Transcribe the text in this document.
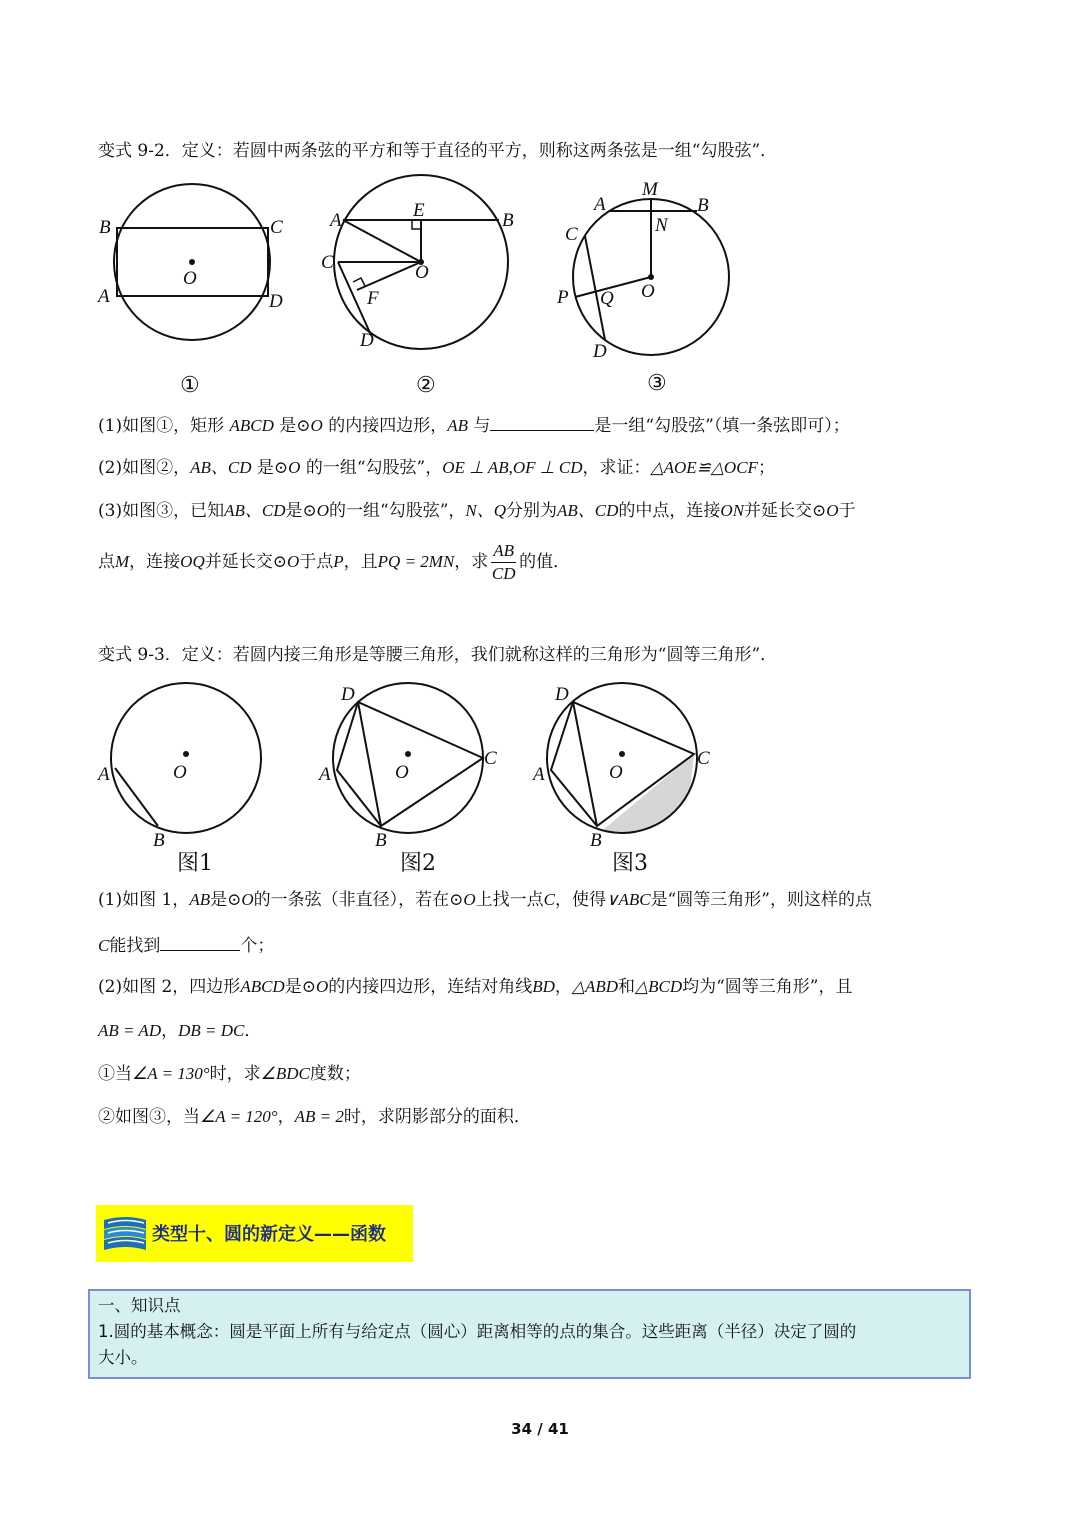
变式 9-2．定义：若圆中两条弦的平方和等于直径的平方，则称这两条弦是一组“勾股弦”．
B	C
A	D
O
①
A	E	B
C	O
F
D
②
A
M
B
N
C
P Q O
D
③
(1)如图①，矩形 ABCD 是⊙O 的内接四边形，AB 与	是一组“勾股弦”（填一条弦即可）；
(2)如图②，AB、CD 是⊙O 的一组“勾股弦”，OE ⊥ AB,OF ⊥ CD，求证：△AOE≌△OCF；
(3)如图③，已知AB、CD是⊙O的一组“勾股弦”，N、Q分别为AB、CD的中点，连接ON并延长交⊙O于
点M，连接OQ并延长交⊙O于点P，且PQ = 2MN，求 $\frac{AB}{CD}$ 的值．
变式 9-3．定义：若圆内接三角形是等腰三角形，我们就称这样的三角形为“圆等三角形”．
A
B
O
图1
D
A
B
C
O
图2
D
A
B
C
O
图3
(1)如图 1，AB是⊙O的一条弦（非直径），若在⊙O上找一点C，使得∨ABC是“圆等三角形”，则这样的点
C能找到	个；
(2)如图 2，四边形ABCD是⊙O的内接四边形，连结对角线BD，△ABD和△BCD均为“圆等三角形”，且
AB = AD，DB = DC．
①当∠A = 130°时，求∠BDC度数；
②如图③，当∠A = 120°，AB = 2时，求阴影部分的面积．
类型十、圆的新定义——函数

一、知识点

1.圆的基本概念：圆是平面上所有与给定点（圆心）距离相等的点的集合。这些距离（半径）决定了圆的

大小。

34 / 41
